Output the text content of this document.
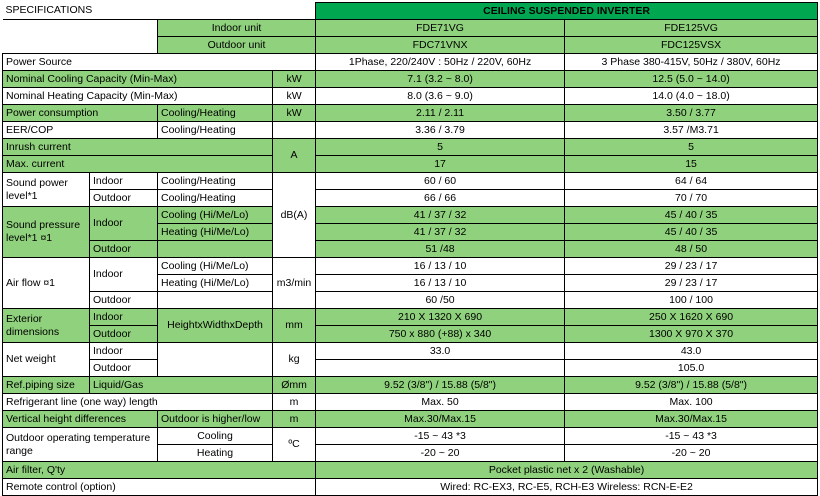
SPECIFICATIONS				CEILING SUSPENDED INVERTER	
		Indoor unit		FDE71VG	FDE125VG
		Outdoor unit		FDC71VNX	FDC125VSX
Power Source				1Phase, 220/240V : 50Hz / 220V, 60Hz	3 Phase 380-415V, 50Hz / 380V, 60Hz
Nominal Cooling Capacity (Min-Max)			kW	7.1 (3.2 ~ 8.0)	12.5 (5.0 ~ 14.0)
Nominal Heating Capacity (Min-Max)			kW	8.0 (3.6 ~ 9.0)	14.0 (4.0 ~ 18.0)
Power consumption		Cooling/Heating	kW	2.11 / 2.11	3.50 / 3.77
EER/COP		Cooling/Heating		3.36 / 3.79	3.57 /M3.71
Inrush current			A	5	5
Max. current				17	15
Sound power level*1	Indoor	Cooling/Heating	dB(A)	60 / 60	64 / 64
	Outdoor	Cooling/Heating		66 / 66	70 / 70
Sound pressure level*1 ¤1	Indoor	Cooling (Hi/Me/Lo)		41 / 37 / 32	45 / 40 / 35
		Heating (Hi/Me/Lo)		41 / 37 / 32	45 / 40 / 35
	Outdoor			51 /48	48 / 50
Air flow ¤1	Indoor	Cooling (Hi/Me/Lo)	m3/min	16 / 13 / 10	29 / 23 / 17
		Heating (Hi/Me/Lo)		16 / 13 / 10	29 / 23 / 17
	Outdoor			60 /50	100 / 100
Exterior dimensions	Indoor	HeightxWidthxDepth	mm	210 X 1320 X 690	250 X 1620 X 690
	Outdoor			750 x 880 (+88) x 340	1300 X 970 X 370
Net weight	Indoor		kg	33.0	43.0
	Outdoor				105.0
Ref.piping size	Liquid/Gas		Ømm	9.52 (3/8") / 15.88 (5/8")	9.52 (3/8") / 15.88 (5/8")
Refrigerant line (one way) length			m	Max. 50	Max. 100
Vertical height differences		Outdoor is higher/low	m	Max.30/Max.15	Max.30/Max.15
Outdoor operating temperature range		Cooling	ºC	-15 ~ 43 *3	-15 ~ 43 *3
		Heating		-20 ~ 20	-20 ~ 20
Air filter, Q'ty				Pocket plastic net x 2 (Washable)	
Remote control (option)				Wired: RC-EX3, RC-E5, RCH-E3 Wireless: RCN-E-E2	
